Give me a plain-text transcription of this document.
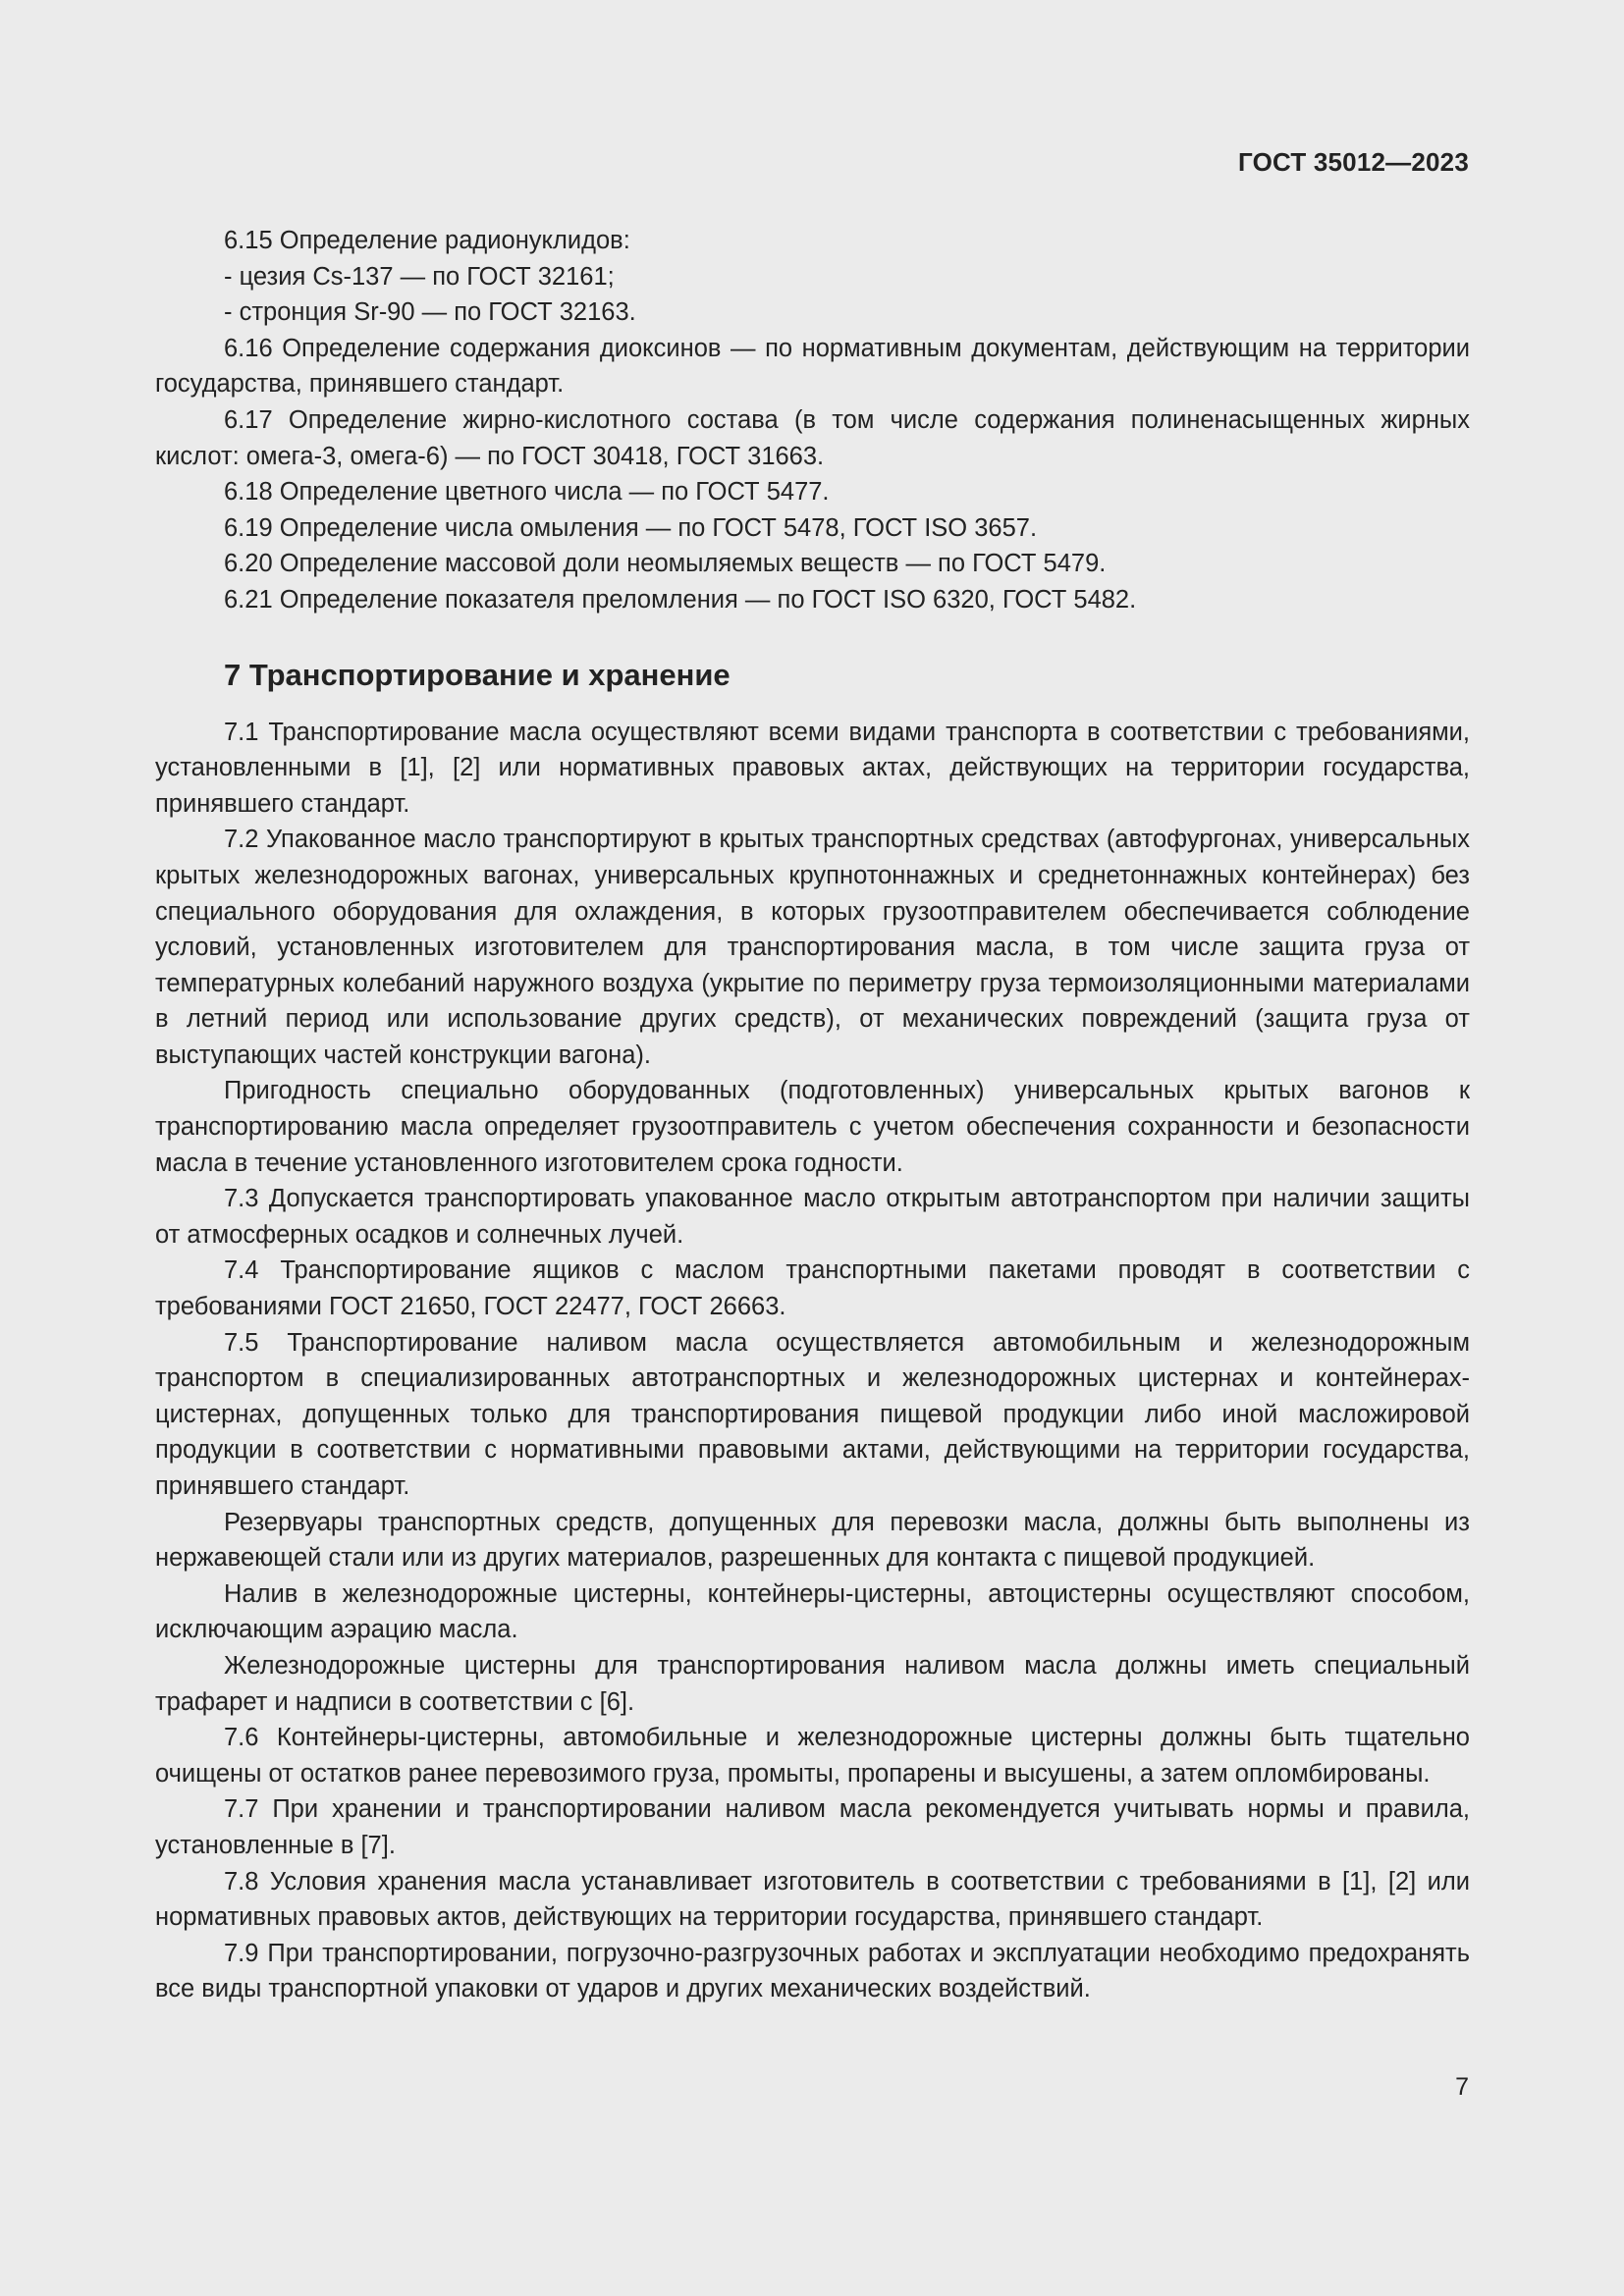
ГОСТ 35012—2023

6.15 Определение радионуклидов:

- цезия Cs-137 — по ГОСТ 32161;

- стронция Sr-90 — по ГОСТ 32163.

6.16 Определение содержания диоксинов — по нормативным документам, действующим на территории государства, принявшего стандарт.

6.17 Определение жирно-кислотного состава (в том числе содержания полиненасыщенных жирных кислот: омега-3, омега-6) — по ГОСТ 30418, ГОСТ 31663.

6.18 Определение цветного числа — по ГОСТ 5477.

6.19 Определение числа омыления — по ГОСТ 5478, ГОСТ ISO 3657.

6.20 Определение массовой доли неомыляемых веществ — по ГОСТ 5479.

6.21 Определение показателя преломления — по ГОСТ ISO 6320, ГОСТ 5482.

7 Транспортирование и хранение

7.1 Транспортирование масла осуществляют всеми видами транспорта в соответствии с требованиями, установленными в [1], [2] или нормативных правовых актах, действующих на территории государства, принявшего стандарт.

7.2 Упакованное масло транспортируют в крытых транспортных средствах (автофургонах, универсальных крытых железнодорожных вагонах, универсальных крупнотоннажных и среднетоннажных контейнерах) без специального оборудования для охлаждения, в которых грузоотправителем обеспечивается соблюдение условий, установленных изготовителем для транспортирования масла, в том числе защита груза от температурных колебаний наружного воздуха (укрытие по периметру груза термоизоляционными материалами в летний период или использование других средств), от механических повреждений (защита груза от выступающих частей конструкции вагона).

Пригодность специально оборудованных (подготовленных) универсальных крытых вагонов к транспортированию масла определяет грузоотправитель с учетом обеспечения сохранности и безопасности масла в течение установленного изготовителем срока годности.

7.3 Допускается транспортировать упакованное масло открытым автотранспортом при наличии защиты от атмосферных осадков и солнечных лучей.

7.4 Транспортирование ящиков с маслом транспортными пакетами проводят в соответствии с требованиями ГОСТ 21650, ГОСТ 22477, ГОСТ 26663.

7.5 Транспортирование наливом масла осуществляется автомобильным и железнодорожным транспортом в специализированных автотранспортных и железнодорожных цистернах и контейнерах-цистернах, допущенных только для транспортирования пищевой продукции либо иной масложировой продукции в соответствии с нормативными правовыми актами, действующими на территории государства, принявшего стандарт.

Резервуары транспортных средств, допущенных для перевозки масла, должны быть выполнены из нержавеющей стали или из других материалов, разрешенных для контакта с пищевой продукцией.

Налив в железнодорожные цистерны, контейнеры-цистерны, автоцистерны осуществляют способом, исключающим аэрацию масла.

Железнодорожные цистерны для транспортирования наливом масла должны иметь специальный трафарет и надписи в соответствии с [6].

7.6 Контейнеры-цистерны, автомобильные и железнодорожные цистерны должны быть тщательно очищены от остатков ранее перевозимого груза, промыты, пропарены и высушены, а затем опломбированы.

7.7 При хранении и транспортировании наливом масла рекомендуется учитывать нормы и правила, установленные в [7].

7.8 Условия хранения масла устанавливает изготовитель в соответствии с требованиями в [1], [2] или нормативных правовых актов, действующих на территории государства, принявшего стандарт.

7.9 При транспортировании, погрузочно-разгрузочных работах и эксплуатации необходимо предохранять все виды транспортной упаковки от ударов и других механических воздействий.

7
